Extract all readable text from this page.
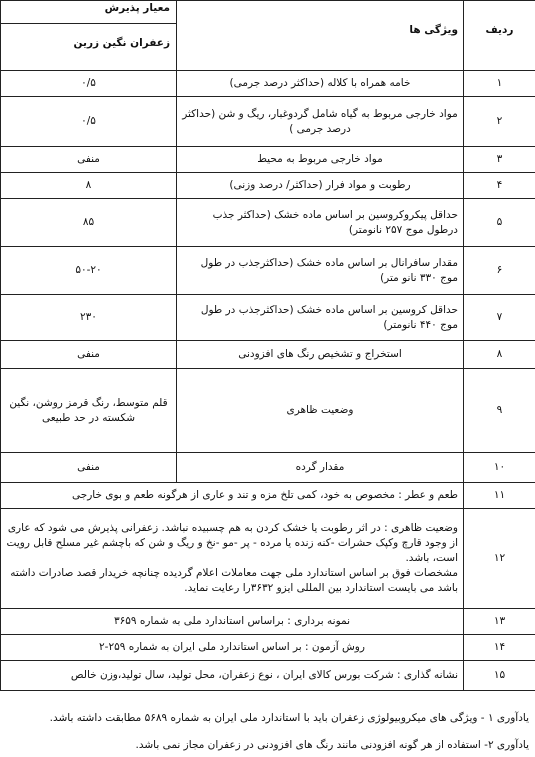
ردیف	ویژگی ها	معیار پذیرش
زعفران نگین زرین

۱	خامه همراه با کلاله (حداکثر درصد جرمی)	۰/۵
۲	مواد خارجی مربوط به گیاه شامل گردوغبار، ریگ و شن (حداکثر درصد جرمی )	۰/۵
۳	مواد خارجی مربوط به محیط	منفی
۴	رطوبت و مواد فرار (حداکثر/ درصد وزنی)	۸
۵	حداقل پیکروکروسین بر اساس ماده خشک (حداکثر جذب درطول موج ۲۵۷ نانومتر)	۸۵
۶	مقدار سافرانال بر اساس ماده خشک (حداکثرجذب در طول موج ۳۳۰ نانو متر)	۵۰-۲۰
۷	حداقل کروسین بر اساس ماده خشک (حداکثرجذب در طول موج ۴۴۰ نانومتر)	۲۳۰
۸	استخراج و تشخیص رنگ های افزودنی	منفی
۹	وضعیت ظاهری	قلم متوسط، رنگ قرمز روشن، نگین شکسته در حد طبیعی
۱۰	مقدار گرده	منفی
۱۱	طعم و عطر : مخصوص به خود، کمی تلخ مزه و تند و عاری از هرگونه طعم و بوی خارجی	
۱۲	وضعیت ظاهری : در اثر رطوبت یا خشک کردن به هم چسبیده نباشد. زعفرانی پذیرش می شود که عاری از وجود قارچ وکپک حشرات -کنه زنده یا مرده - پر -مو -نخ و ریگ و شن که باچشم غیر مسلح قابل رویت است، باشد.
مشخصات فوق بر اساس استاندارد ملی جهت معاملات اعلام گردیده چنانچه خریدار قصد صادرات داشته باشد می بایست استاندارد بین المللی ایزو ۳۶۳۲را رعایت نماید.	

۱۳	نمونه برداری : براساس استاندارد ملی به شماره ۳۶۵۹	
۱۴	روش آزمون : بر اساس استاندارد ملی ایران به شماره ۲۵۹-۲	
۱۵	نشانه گذاری : شرکت بورس کالای ایران ، نوع زعفران، محل تولید، سال تولید،وزن خالص	
یادآوری ۱ - ویژگی های میکروبیولوژی زعفران باید با استاندارد ملی ایران به شماره ۵۶۸۹ مطابقت داشته باشد.
یادآوری ۲- استفاده از هر گونه افزودنی مانند رنگ های افزودنی در زعفران مجاز نمی باشد.
